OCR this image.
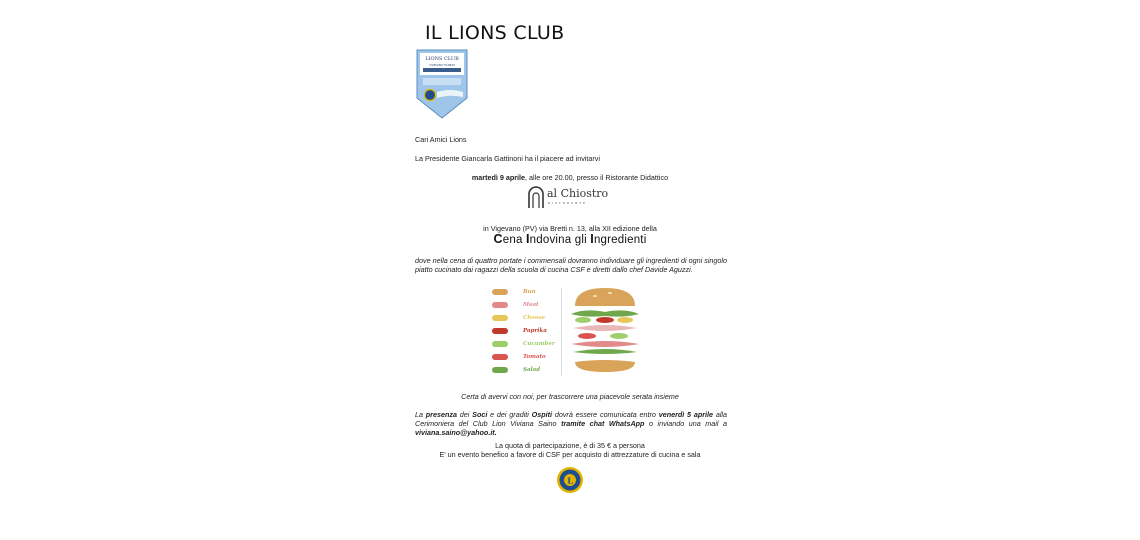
IL LIONS CLUB
LIONS CLUB
VIGEVANO TICINUM
Cari Amici Lions
La Presidente Giancarla Gattinoni ha il piacere ad invitarvi
martedì 9 aprile, alle ore 20.00, presso il Ristorante Didattico
al Chiostro
RISTORANTE
in Vigevano (PV) via Bretti n. 13, alla XII edizione della
Cena Indovina gli Ingredienti
dove nella cena di quattro portate i commensali dovranno individuare gli ingredienti di ogni singolo piatto cucinato dai ragazzi della scuola di cucina CSF e diretti dallo chef Davide Aguzzi.
Bun
Meat
Cheese
Paprika
Cucumber
Tomato
Salad
Certa di avervi con noi, per trascorrere una piacevole serata insieme
La presenza dei Soci e dei graditi Ospiti dovrà essere comunicata entro venerdì 5 aprile alla Cerimoniera del Club Lion Viviana Saino tramite chat WhatsApp o inviando una mail a viviana.saino@yahoo.it.
La quota di partecipazione, è di 35 € a persona
E' un evento benefico a favore di CSF per acquisto di attrezzature di cucina e sala
L
